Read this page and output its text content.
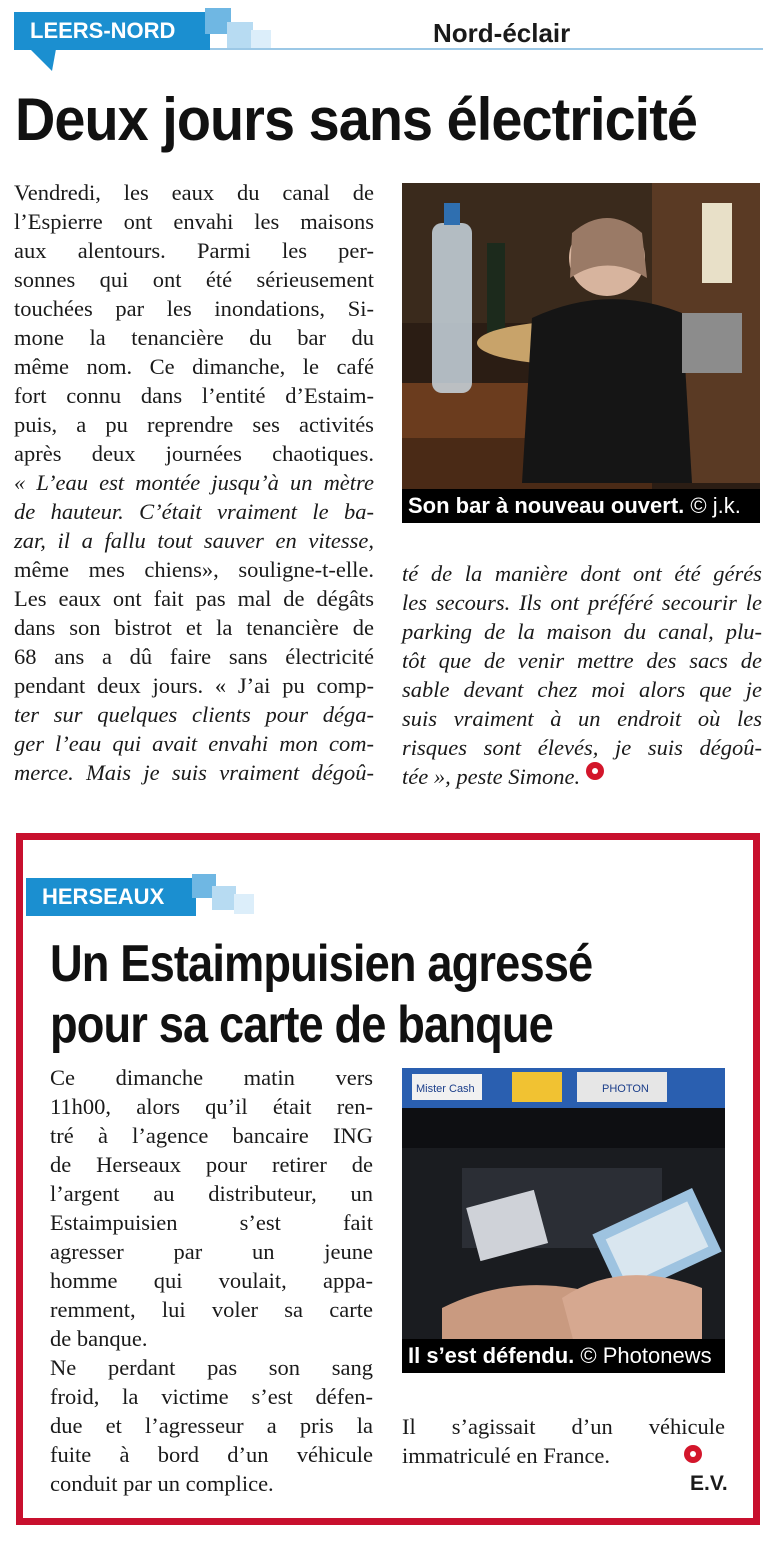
LEERS-NORD	Nord-éclair
Deux jours sans électricité
Son bar à nouveau ouvert. © j.k.
Vendredi, les eaux du canal de
l’Espierre ont envahi les maisons
aux alentours. Parmi les per-
sonnes qui ont été sérieusement
touchées par les inondations, Si-
mone la tenancière du bar du
même nom. Ce dimanche, le café
fort connu dans l’entité d’Estaim-
puis, a pu reprendre ses activités
après deux journées chaotiques.
« L’eau est montée jusqu’à un mètre
de hauteur. C’était vraiment le ba-
zar, il a fallu tout sauver en vitesse,
même mes chiens», souligne-t-elle.
Les eaux ont fait pas mal de dégâts
dans son bistrot et la tenancière de
68 ans a dû faire sans électricité
pendant deux jours. « J’ai pu comp-
ter sur quelques clients pour déga-
ger l’eau qui avait envahi mon com-
merce. Mais je suis vraiment dégoû-
té de la manière dont ont été gérés
les secours. Ils ont préféré secourir le
parking de la maison du canal, plu-
tôt que de venir mettre des sacs de
sable devant chez moi alors que je
suis vraiment à un endroit où les
risques sont élevés, je suis dégoû-
tée », peste Simone.
HERSEAUX
Un Estaimpuisien agressé
pour sa carte de banque
Mister Cash	PHOTON
Il s’est défendu. © Photonews
Ce dimanche matin vers
11h00, alors qu’il était ren-
tré à l’agence bancaire ING
de Herseaux pour retirer de
l’argent au distributeur, un
Estaimpuisien	s’est	fait
agresser par un jeune
homme qui voulait, appa-
remment, lui voler sa carte
de banque.
Ne perdant pas son sang
froid, la victime s’est défen-
due et l’agresseur a pris la
fuite à bord d’un véhicule
conduit par un complice.
Il s’agissait d’un véhicule
immatriculé en France.
E.V.
